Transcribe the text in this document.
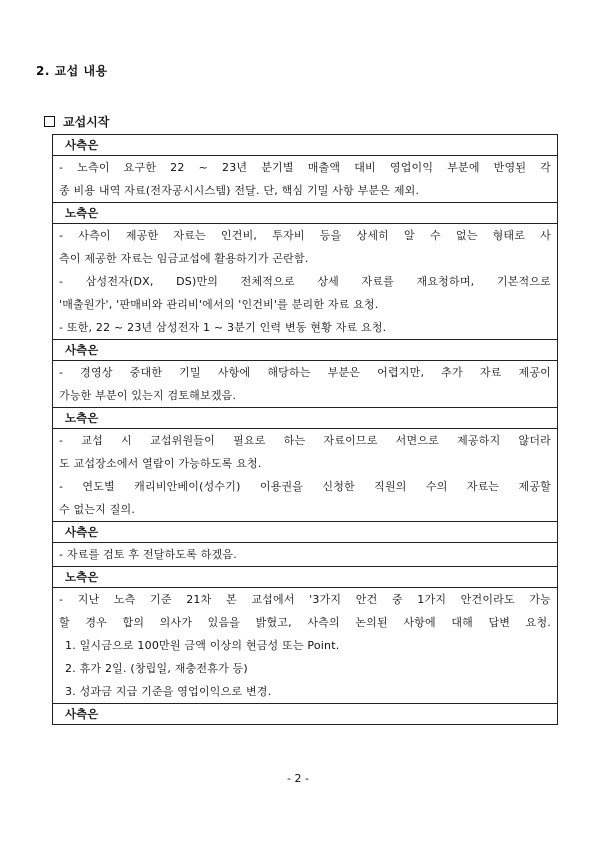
2. 교섭 내용
교섭시작
사측은

- 노측이 요구한 22 ~ 23년 분기별 매출액 대비 영업이익 부분에 반영된 각
종 비용 내역 자료(전자공시시스템) 전달. 단, 핵심 기밀 사항 부분은 제외.

노측은

- 사측이 제공한 자료는 인건비, 투자비 등을 상세히 알 수 없는 형태로 사
측이 제공한 자료는 임금교섭에 활용하기가 곤란함.
- 삼성전자(DX, DS)만의 전체적으로 상세 자료를 재요청하며, 기본적으로
'매출원가', '판매비와 관리비'에서의 '인건비'를 분리한 자료 요청.
- 또한, 22 ~ 23년 삼성전자 1 ~ 3분기 인력 변동 현황 자료 요청.

사측은

- 경영상 중대한 기밀 사항에 해당하는 부분은 어렵지만, 추가 자료 제공이
가능한 부분이 있는지 검토해보겠음.

노측은

- 교섭 시 교섭위원들이 필요로 하는 자료이므로 서면으로 제공하지 않더라
도 교섭장소에서 열람이 가능하도록 요청.
- 연도별 캐리비안베이(성수기) 이용권을 신청한 직원의 수의 자료는 제공할
수 없는지 질의.

사측은

- 자료를 검토 후 전달하도록 하겠음.

노측은

- 지난 노측 기준 21차 본 교섭에서 '3가지 안건 중 1가지 안건이라도 가능
할 경우 합의 의사가 있음을 밝혔고, 사측의 논의된 사항에 대해 답변 요청.
1. 일시금으로 100만원 금액 이상의 현금성 또는 Point.
2. 휴가 2일. (창립일, 재충전휴가 등)
3. 성과금 지급 기준을 영업이익으로 변경.

사측은
- 2 -
